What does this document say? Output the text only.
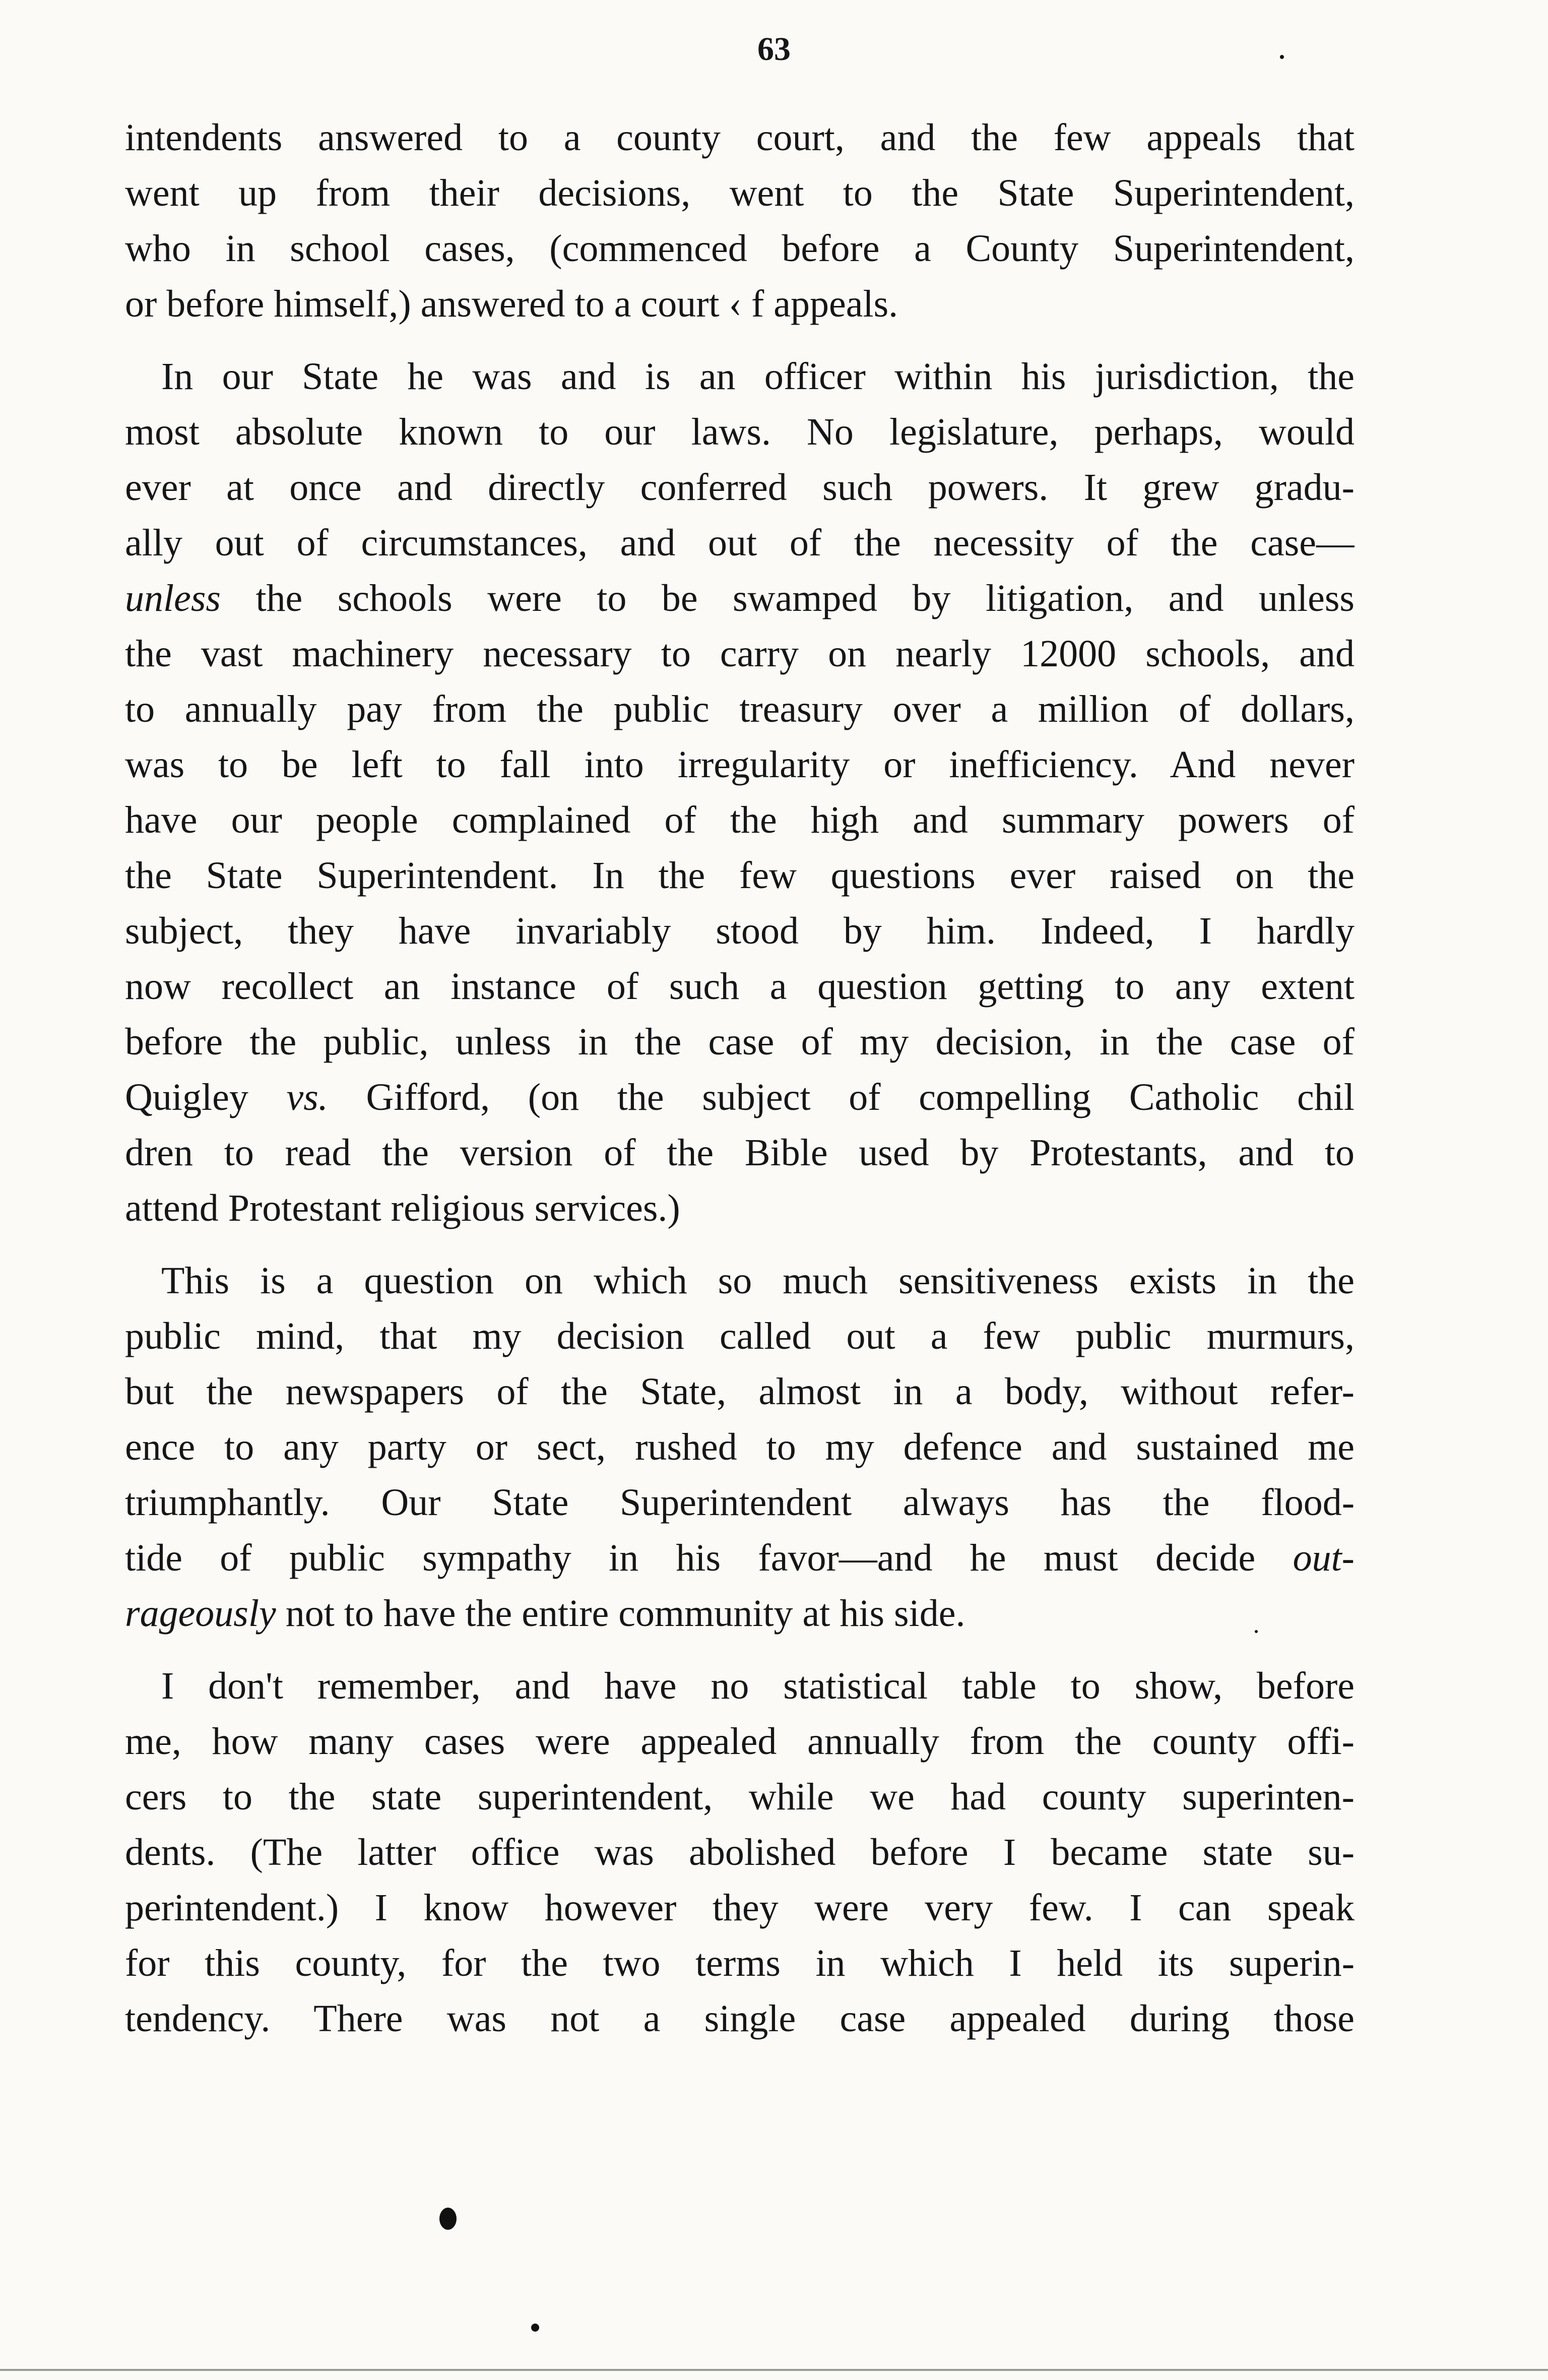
63
intendents answered to a county court, and the few appeals that
went up from their decisions, went to the State Superintendent,
who in school cases, (commenced before a County Superintendent,
or before himself,) answered to a court ‹ f appeals.
In our State he was and is an officer within his jurisdiction, the
most absolute known to our laws. No legislature, perhaps, would
ever at once and directly conferred such powers. It grew gradu-
ally out of circumstances, and out of the necessity of the case—
unless the schools were to be swamped by litigation, and unless
the vast machinery necessary to carry on nearly 12000 schools, and
to annually pay from the public treasury over a million of dollars,
was to be left to fall into irregularity or inefficiency. And never
have our people complained of the high and summary powers of
the State Superintendent. In the few questions ever raised on the
subject, they have invariably stood by him. Indeed, I hardly
now recollect an instance of such a question getting to any extent
before the public, unless in the case of my decision, in the case of
Quigley vs. Gifford, (on the subject of compelling Catholic chil
dren to read the version of the Bible used by Protestants, and to
attend Protestant religious services.)
This is a question on which so much sensitiveness exists in the
public mind, that my decision called out a few public murmurs,
but the newspapers of the State, almost in a body, without refer-
ence to any party or sect, rushed to my defence and sustained me
triumphantly. Our State Superintendent always has the flood-
tide of public sympathy in his favor—and he must decide out-
rageously not to have the entire community at his side.
I don't remember, and have no statistical table to show, before
me, how many cases were appealed annually from the county offi-
cers to the state superintendent, while we had county superinten-
dents. (The latter office was abolished before I became state su-
perintendent.) I know however they were very few. I can speak
for this county, for the two terms in which I held its superin-
tendency. There was not a single case appealed during those
